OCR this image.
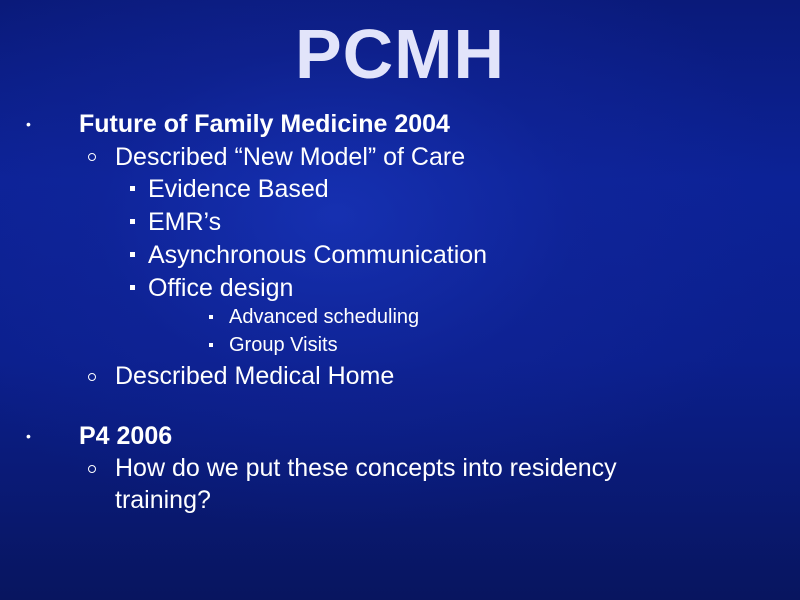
PCMH
• Future of Family Medicine 2004
Described “New Model” of Care
Evidence Based
EMR’s
Asynchronous Communication
Office design
Advanced scheduling
Group Visits
Described Medical Home
• P4 2006
How do we put these concepts into residency
training?
